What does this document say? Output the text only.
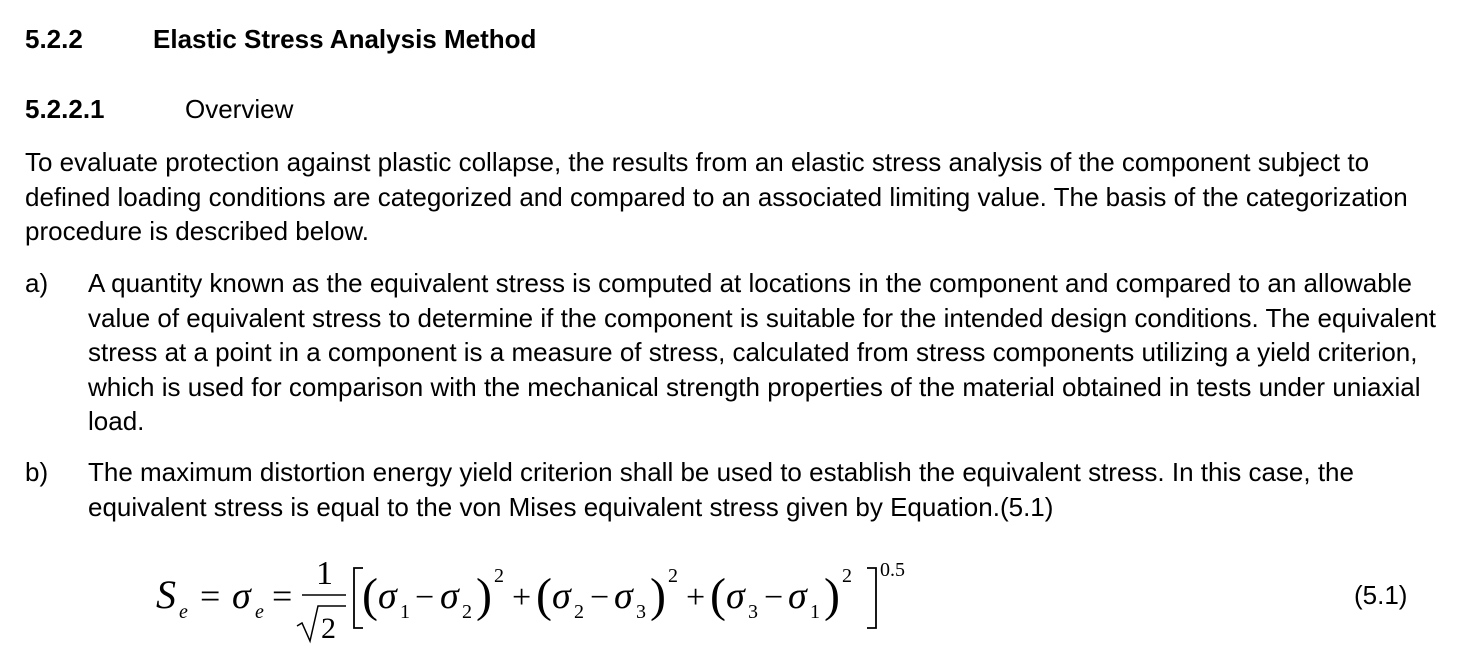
5.2.2	Elastic Stress Analysis Method
5.2.2.1	Overview

To evaluate protection against plastic collapse, the results from an elastic stress analysis of the component subject to defined loading conditions are categorized and compared to an associated limiting value. The basis of the categorization procedure is described below.

a) A quantity known as the equivalent stress is computed at locations in the component and compared to an allowable value of equivalent stress to determine if the component is suitable for the intended design conditions. The equivalent stress at a point in a component is a measure of stress, calculated from stress components utilizing a yield criterion, which is used for comparison with the mechanical strength properties of the material obtained in tests under uniaxial load.
b) The maximum distortion energy yield criterion shall be used to establish the equivalent stress. In this case, the equivalent stress is equal to the von Mises equivalent stress given by Equation.(5.1)
S e = σ e =
1
2
( σ 1 − σ 2 ) 2
+ ( σ 2 − σ 3 ) 2
+ ( σ 3 − σ 1 ) 2 0.5
(5.1)
